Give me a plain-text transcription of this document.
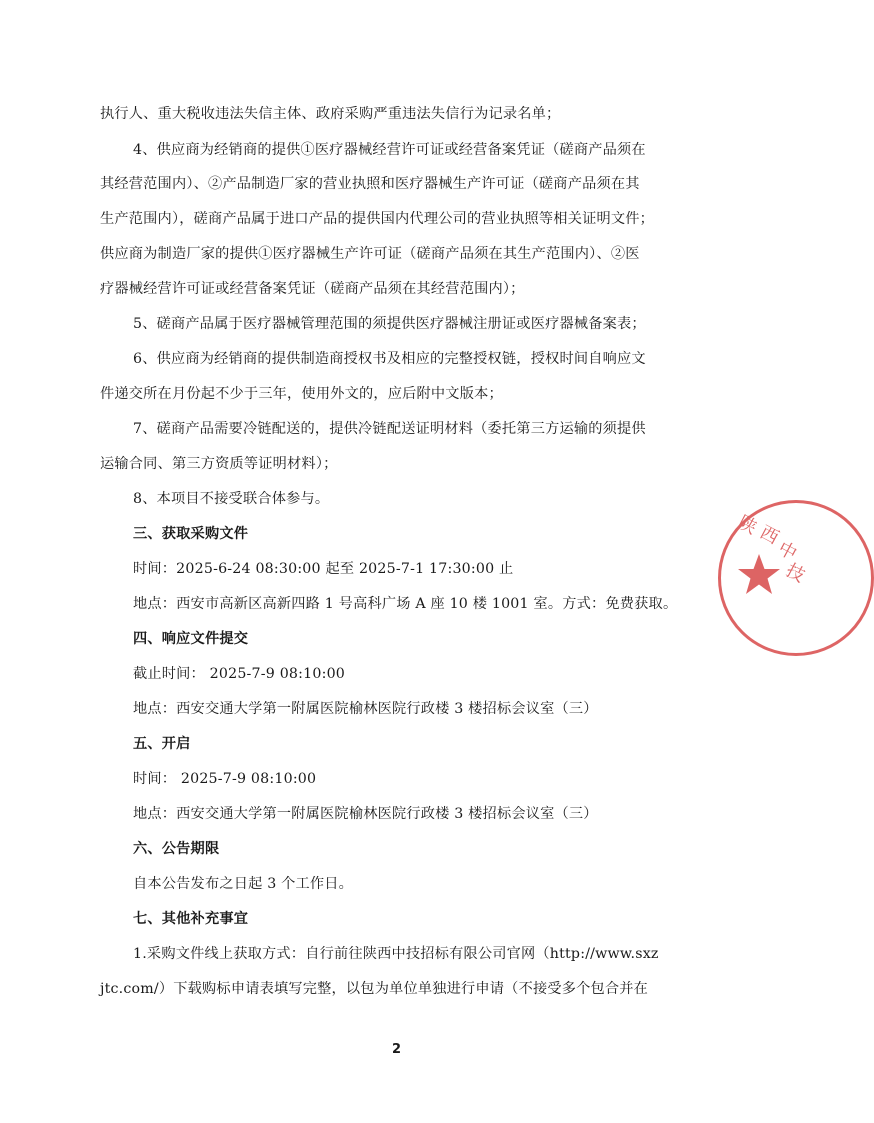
执行人、重大税收违法失信主体、政府采购严重违法失信行为记录名单；
4、供应商为经销商的提供①医疗器械经营许可证或经营备案凭证（磋商产品须在
其经营范围内）、②产品制造厂家的营业执照和医疗器械生产许可证（磋商产品须在其
生产范围内），磋商产品属于进口产品的提供国内代理公司的营业执照等相关证明文件；
供应商为制造厂家的提供①医疗器械生产许可证（磋商产品须在其生产范围内）、②医
疗器械经营许可证或经营备案凭证（磋商产品须在其经营范围内）；
5、磋商产品属于医疗器械管理范围的须提供医疗器械注册证或医疗器械备案表；
6、供应商为经销商的提供制造商授权书及相应的完整授权链，授权时间自响应文
件递交所在月份起不少于三年，使用外文的，应后附中文版本；
7、磋商产品需要冷链配送的，提供冷链配送证明材料（委托第三方运输的须提供
运输合同、第三方资质等证明材料）；
8、本项目不接受联合体参与。
三、获取采购文件
时间：2025-6-24 08:30:00 起至 2025-7-1 17:30:00 止
地点：西安市高新区高新四路 1 号高科广场 A 座 10 楼 1001 室。方式：免费获取。
四、响应文件提交
截止时间： 2025-7-9 08:10:00
地点：西安交通大学第一附属医院榆林医院行政楼 3 楼招标会议室（三）
五、开启
时间： 2025-7-9 08:10:00
地点：西安交通大学第一附属医院榆林医院行政楼 3 楼招标会议室（三）
六、公告期限
自本公告发布之日起 3 个工作日。
七、其他补充事宜
1.采购文件线上获取方式：自行前往陕西中技招标有限公司官网（http://www.sxz
jtc.com/）下载购标申请表填写完整，以包为单位单独进行申请（不接受多个包合并在
2
陕
西
中
技
